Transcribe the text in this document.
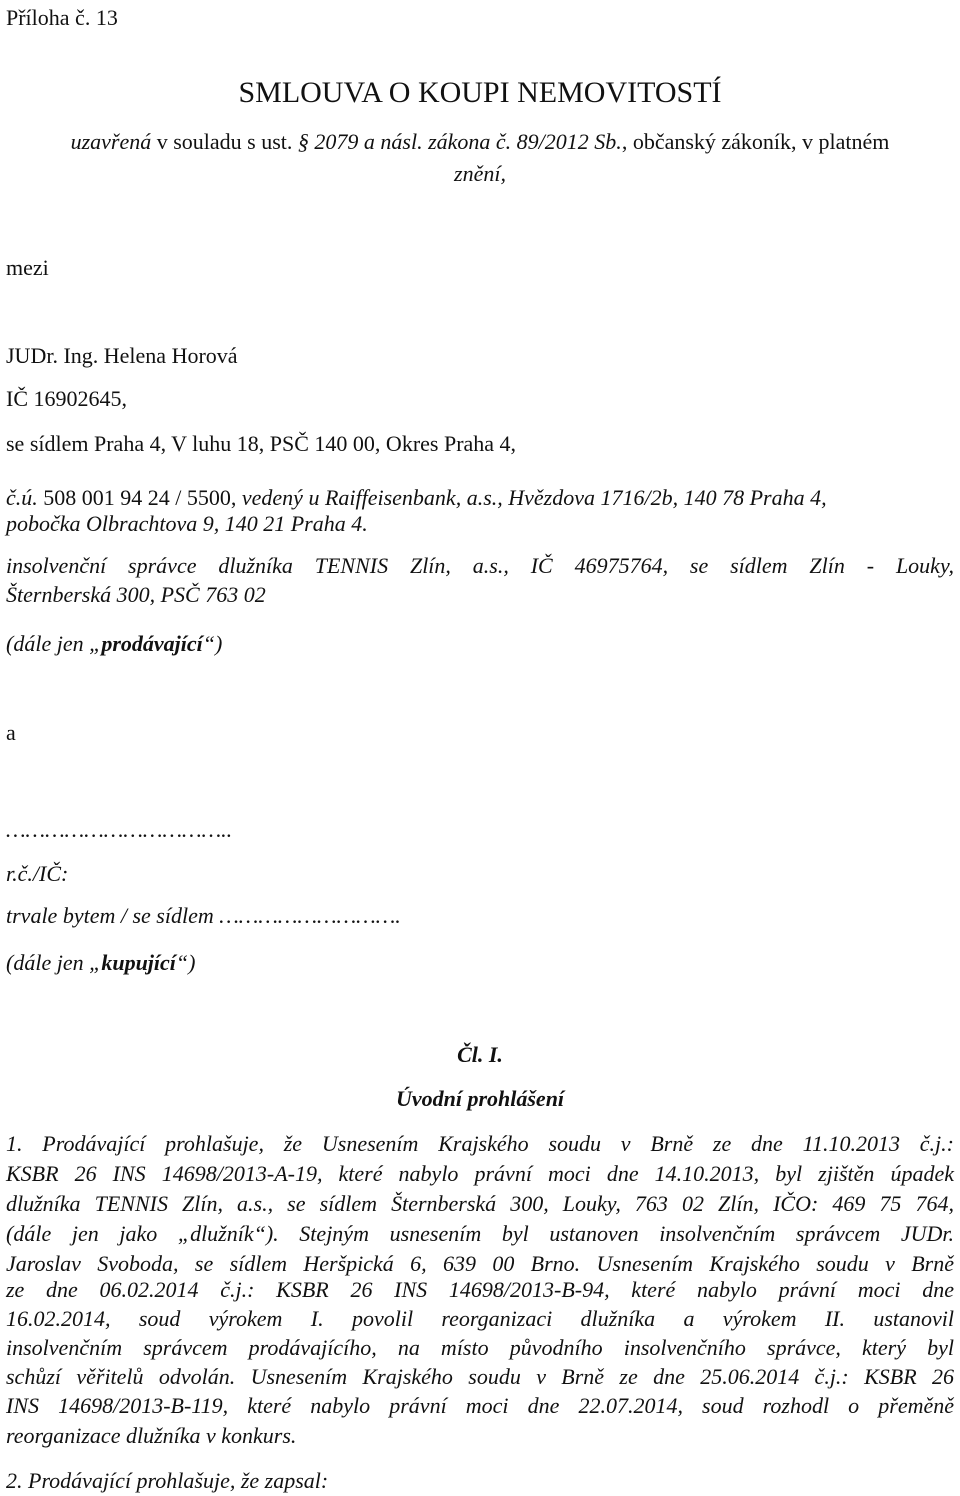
Příloha č. 13
SMLOUVA O KOUPI NEMOVITOSTÍ
uzavřená v souladu s ust. § 2079 a násl. zákona č. 89/2012 Sb., občanský zákoník, v platném
znění,
mezi
JUDr. Ing. Helena Horová
IČ 16902645,
se sídlem Praha 4, V luhu 18, PSČ 140 00, Okres Praha 4,
č.ú. 508 001 94 24 / 5500, vedený u Raiffeisenbank, a.s., Hvězdova 1716/2b, 140 78 Praha 4,
pobočka Olbrachtova 9, 140 21 Praha 4.
insolvenční správce dlužníka TENNIS Zlín, a.s., IČ 46975764, se sídlem Zlín - Louky,
Šternberská 300, PSČ 763 02
(dále jen „prodávající“)
a
……………………………..
r.č./IČ:
trvale bytem / se sídlem ……………………….
(dále jen „kupující“)
Čl. I.
Úvodní prohlášení
1. Prodávající prohlašuje, že Usnesením Krajského soudu v Brně ze dne 11.10.2013 č.j.:
KSBR 26 INS 14698/2013-A-19, které nabylo právní moci dne 14.10.2013, byl zjištěn úpadek
dlužníka TENNIS Zlín, a.s., se sídlem Šternberská 300, Louky, 763 02 Zlín, IČO: 469 75 764,
(dále jen jako „dlužník“). Stejným usnesením byl ustanoven insolvenčním správcem JUDr.
Jaroslav Svoboda, se sídlem Heršpická 6, 639 00 Brno. Usnesením Krajského soudu v Brně
ze dne 06.02.2014 č.j.: KSBR 26 INS 14698/2013-B-94, které nabylo právní moci dne
16.02.2014, soud výrokem I. povolil reorganizaci dlužníka a výrokem II. ustanovil
insolvenčním správcem prodávajícího, na místo původního insolvenčního správce, který byl
schůzí věřitelů odvolán. Usnesením Krajského soudu v Brně ze dne 25.06.2014 č.j.: KSBR 26
INS 14698/2013-B-119, které nabylo právní moci dne 22.07.2014, soud rozhodl o přeměně
reorganizace dlužníka v konkurs.
2. Prodávající prohlašuje, že zapsal:
